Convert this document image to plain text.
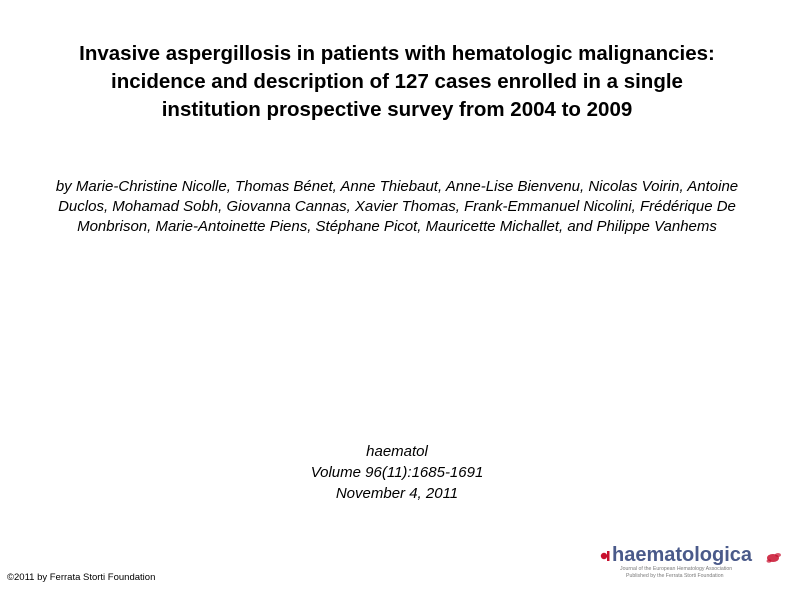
Invasive aspergillosis in patients with hematologic malignancies: incidence and description of 127 cases enrolled in a single institution prospective survey from 2004 to 2009
by Marie-Christine Nicolle, Thomas Bénet, Anne Thiebaut, Anne-Lise Bienvenu, Nicolas Voirin, Antoine Duclos, Mohamad Sobh, Giovanna Cannas, Xavier Thomas, Frank-Emmanuel Nicolini, Frédérique De Monbrison, Marie-Antoinette Piens, Stéphane Picot, Mauricette Michallet, and Philippe Vanhems
haematol
Volume 96(11):1685-1691
November 4, 2011
©2011 by Ferrata Storti Foundation
haematologica
Journal of the European Hematology Association
Published by the Ferrata Storti Foundation
